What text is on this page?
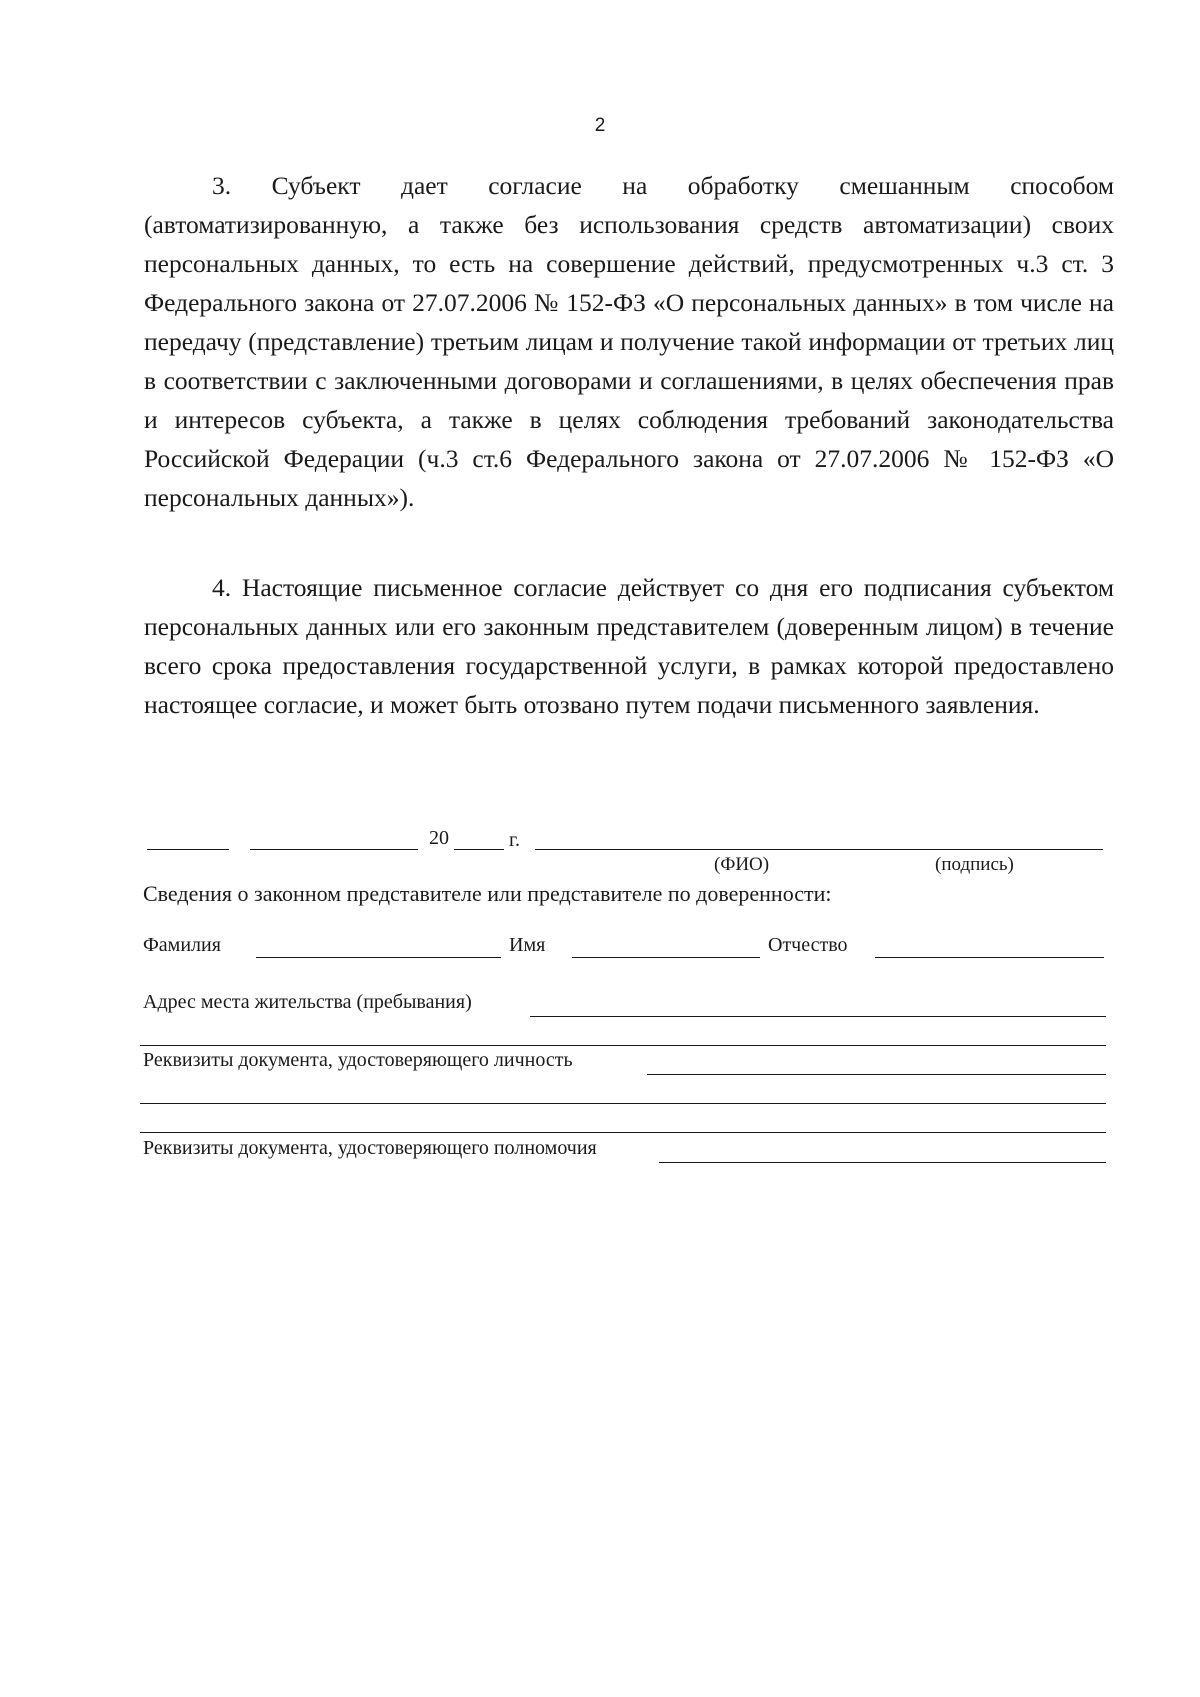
2

3. Субъект дает согласие на обработку смешанным способом (автоматизированную, а также без использования средств автоматизации) своих персональных данных, то есть на совершение действий, предусмотренных ч.3 ст. 3 Федерального закона от 27.07.2006 № 152-ФЗ «О персональных данных» в том числе на передачу (представление) третьим лицам и получение такой информации от третьих лиц в соответствии с заключенными договорами и соглашениями, в целях обеспечения прав и интересов субъекта, а также в целях соблюдения требований законодательства Российской Федерации (ч.3 ст.6 Федерального закона от 27.07.2006 № 152-ФЗ «О персональных данных»).

4. Настоящие письменное согласие действует со дня его подписания субъектом персональных данных или его законным представителем (доверенным лицом) в течение всего срока предоставления государственной услуги, в рамках которой предоставлено настоящее согласие, и может быть отозвано путем подачи письменного заявления.

20	г.
(ФИО)	(подпись)
Сведения о законном представителе или представителе по доверенности:
Фамилия	Имя	Отчество
Адрес места жительства (пребывания)
Реквизиты документа, удостоверяющего личность
Реквизиты документа, удостоверяющего полномочия
